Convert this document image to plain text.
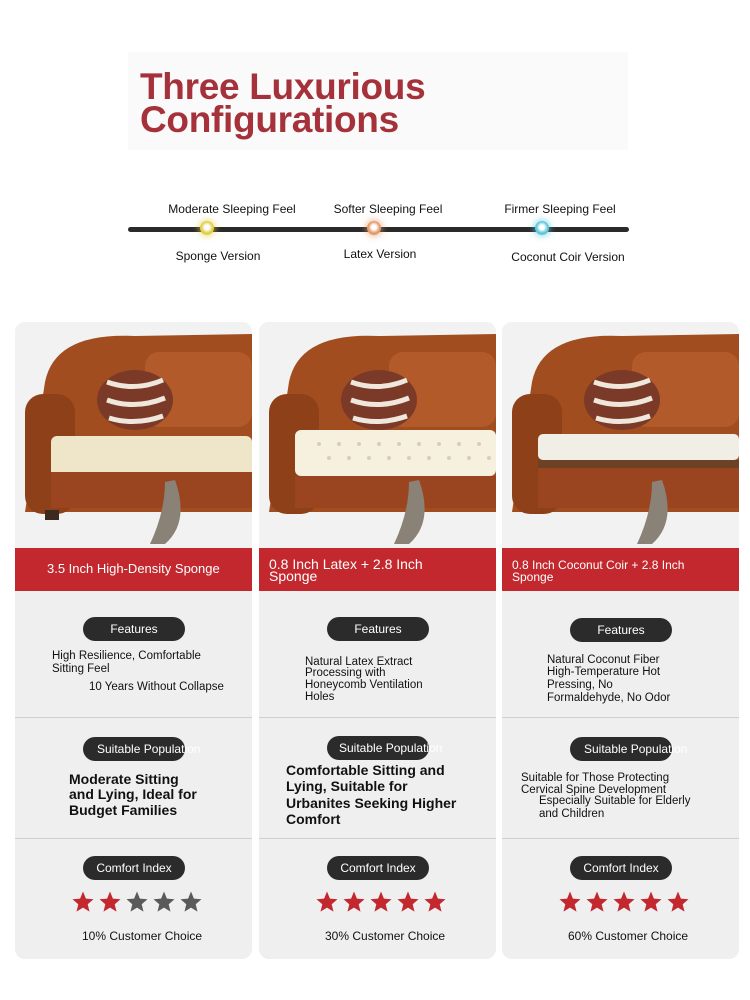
Three Luxurious
Configurations
Moderate Sleeping Feel	Softer Sleeping Feel	Firmer Sleeping Feel
Sponge Version	Latex Version	Coconut Coir Version
3.5 Inch High-Density Sponge
Features
High Resilience, Comfortable
Sitting Feel
10 Years Without Collapse
Suitable Population
Moderate Sitting
and Lying, Ideal for
Budget Families
Comfort Index
10% Customer Choice
0.8 Inch Latex + 2.8 Inch
Sponge
Features
Natural Latex Extract
Processing with
Honeycomb Ventilation
Holes
Suitable Population
Comfortable Sitting and
Lying, Suitable for
Urbanites Seeking Higher
Comfort
Comfort Index
30% Customer Choice
0.8 Inch Coconut Coir + 2.8 Inch
Sponge
Features
Natural Coconut Fiber
High-Temperature Hot
Pressing, No
Formaldehyde, No Odor
Suitable Population
Suitable for Those Protecting
Cervical Spine Development
Especially Suitable for Elderly
and Children
Comfort Index
60% Customer Choice
